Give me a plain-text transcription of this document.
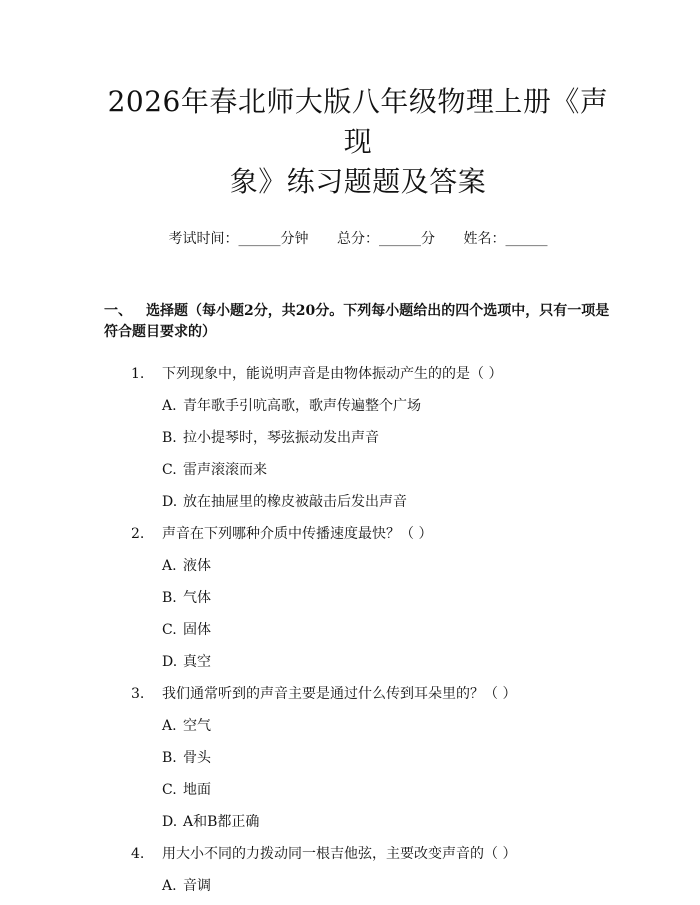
2026年春北师大版八年级物理上册《声现
象》练习题题及答案
考试时间：______分钟 总分：______分 姓名：______
一、 选择题（每小题2分，共20分。下列每小题给出的四个选项中，只有一项是符合题目要求的）
1.	下列现象中，能说明声音是由物体振动产生的的是（ ）
A. 青年歌手引吭高歌，歌声传遍整个广场
B. 拉小提琴时，琴弦振动发出声音
C. 雷声滚滚而来
D. 放在抽屉里的橡皮被敲击后发出声音
2.	声音在下列哪种介质中传播速度最快？（ ）
A. 液体
B. 气体
C. 固体
D. 真空
3.	我们通常听到的声音主要是通过什么传到耳朵里的？（ ）
A. 空气
B. 骨头
C. 地面
D. A和B都正确
4.	用大小不同的力拨动同一根吉他弦，主要改变声音的（ ）
A. 音调
